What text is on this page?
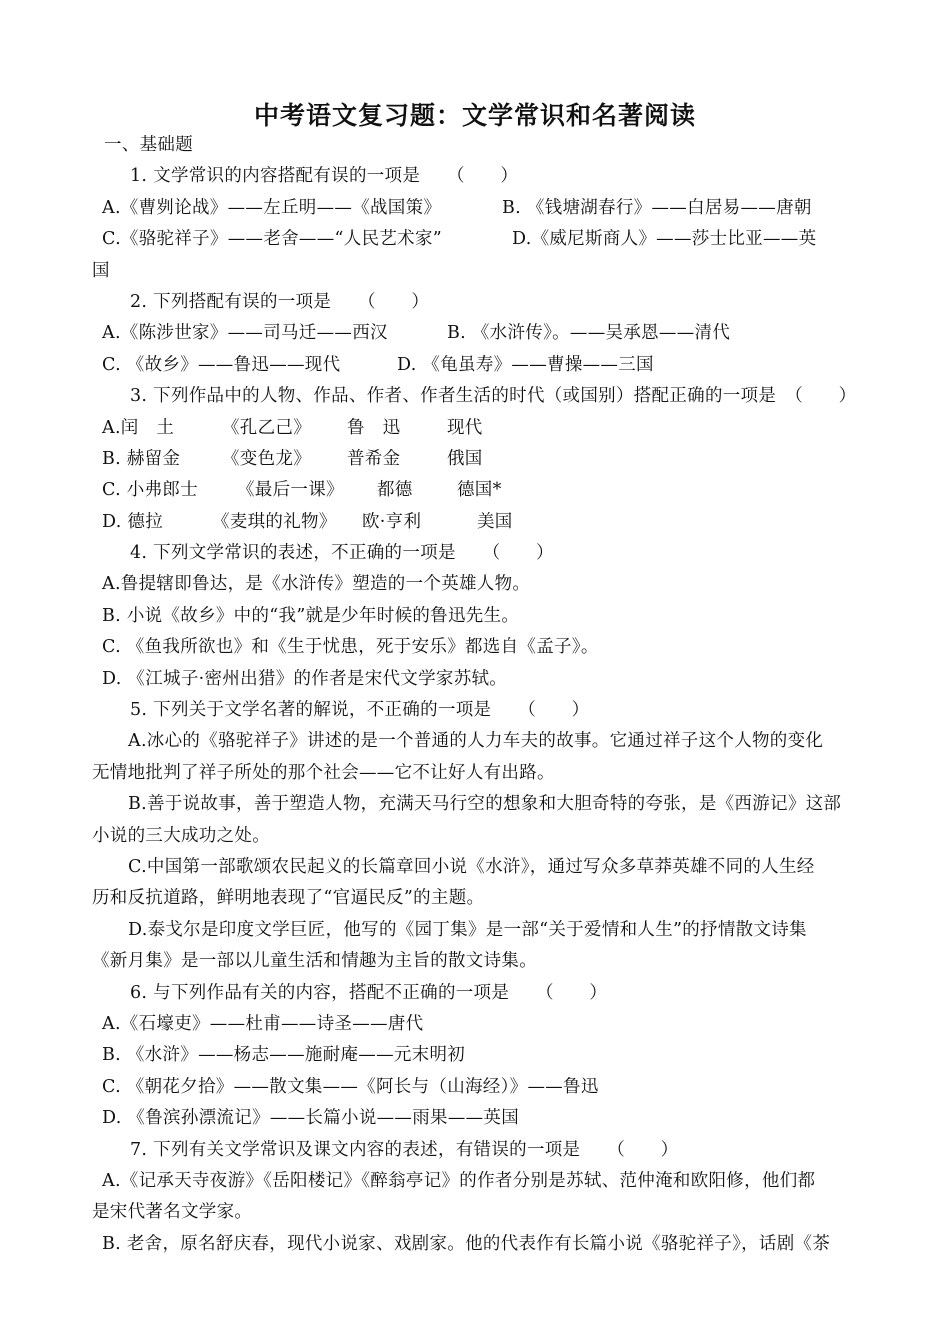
中考语文复习题：文学常识和名著阅读
一、基础题
1. 文学常识的内容搭配有误的一项是　　（　　）
A.《曹刿论战》——左丘明——《战国策》	B. 《钱塘湖春行》——白居易——唐朝
C.《骆驼祥子》——老舍——“人民艺术家”	D.《威尼斯商人》——莎士比亚——英
国
2. 下列搭配有误的一项是　　（　　）
A.《陈涉世家》——司马迁——西汉	B. 《水浒传》。——吴承恩——清代
C. 《故乡》——鲁迅——现代	D. 《龟虽寿》——曹操——三国
3. 下列作品中的人物、作品、作者、作者生活的时代（或国别）搭配正确的一项是　（　　）
A.闰　土	《孔乙己》 鲁　迅	现代
B. 赫留金 《变色龙》 普希金	俄国
C. 小弗郎士 《最后一课》 都德	德国*
D. 德拉	《麦琪的礼物》 欧·亨利	美国
4. 下列文学常识的表述，不正确的一项是　　（　　）
A.鲁提辖即鲁达，是《水浒传》塑造的一个英雄人物。
B. 小说《故乡》中的“我”就是少年时候的鲁迅先生。
C. 《鱼我所欲也》和《生于忧患，死于安乐》都选自《孟子》。
D. 《江城子·密州出猎》的作者是宋代文学家苏轼。
5. 下列关于文学名著的解说，不正确的一项是　　（　　）
A.冰心的《骆驼祥子》讲述的是一个普通的人力车夫的故事。它通过祥子这个人物的变化
无情地批判了祥子所处的那个社会——它不让好人有出路。
B.善于说故事，善于塑造人物，充满天马行空的想象和大胆奇特的夸张，是《西游记》这部
小说的三大成功之处。
C.中国第一部歌颂农民起义的长篇章回小说《水浒》，通过写众多草莽英雄不同的人生经
历和反抗道路，鲜明地表现了“官逼民反”的主题。
D.泰戈尔是印度文学巨匠，他写的《园丁集》是一部“关于爱情和人生”的抒情散文诗集
《新月集》是一部以儿童生活和情趣为主旨的散文诗集。
6. 与下列作品有关的内容，搭配不正确的一项是　　（　　）
A.《石壕吏》——杜甫——诗圣——唐代
B. 《水浒》——杨志——施耐庵——元末明初
C. 《朝花夕拾》——散文集——《阿长与（山海经）》——鲁迅
D. 《鲁滨孙漂流记》——长篇小说——雨果——英国
7. 下列有关文学常识及课文内容的表述，有错误的一项是　　（　　）
A.《记承天寺夜游》《岳阳楼记》《醉翁亭记》的作者分别是苏轼、范仲淹和欧阳修，他们都
是宋代著名文学家。
B. 老舍，原名舒庆春，现代小说家、戏剧家。他的代表作有长篇小说《骆驼祥子》，话剧《茶
